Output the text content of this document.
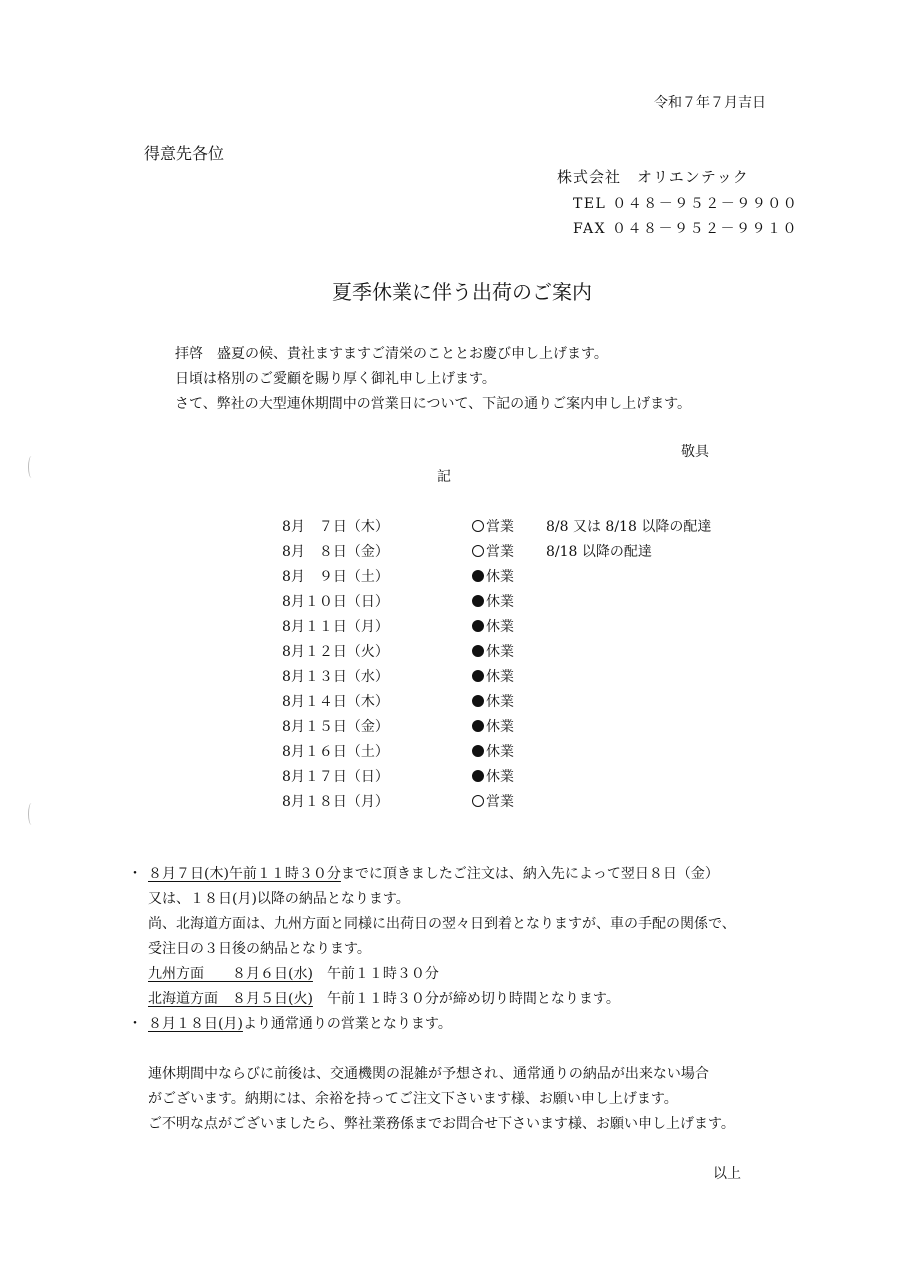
令和７年７月吉日
得意先各位
株式会社　オリエンテック
TEL ０４８－９５２－９９００
FAX ０４８－９５２－９９１０
夏季休業に伴う出荷のご案内
拝啓　盛夏の候、貴社ますますご清栄のこととお慶び申し上げます。
日頃は格別のご愛顧を賜り厚く御礼申し上げます。
さて、弊社の大型連休期間中の営業日について、下記の通りご案内申し上げます。
敬具
記
8月　７日（木）	営業 8/8 又は 8/18 以降の配達
8月　８日（金）	営業 8/18 以降の配達
8月　９日（土）	休業
8月１０日（日）	休業
8月１１日（月）	休業
8月１２日（火）	休業
8月１３日（水）	休業
8月１４日（木）	休業
8月１５日（金）	休業
8月１６日（土）	休業
8月１７日（日）	休業
8月１８日（月）	営業
・ ８月７日(木)午前１１時３０分までに頂きましたご注文は、納入先によって翌日８日（金）
又は、１８日(月)以降の納品となります。
尚、北海道方面は、九州方面と同様に出荷日の翌々日到着となりますが、車の手配の関係で、
受注日の３日後の納品となります。
九州方面　　８月６日(水)　 午前１１時３０分
北海道方面　８月５日(火)　 午前１１時３０分が締め切り時間となります。
・ ８月１８日(月)より通常通りの営業となります。
連休期間中ならびに前後は、交通機関の混雑が予想され、通常通りの納品が出来ない場合
がございます。納期には、余裕を持ってご注文下さいます様、お願い申し上げます。
ご不明な点がございましたら、弊社業務係までお問合せ下さいます様、お願い申し上げます。
以上
